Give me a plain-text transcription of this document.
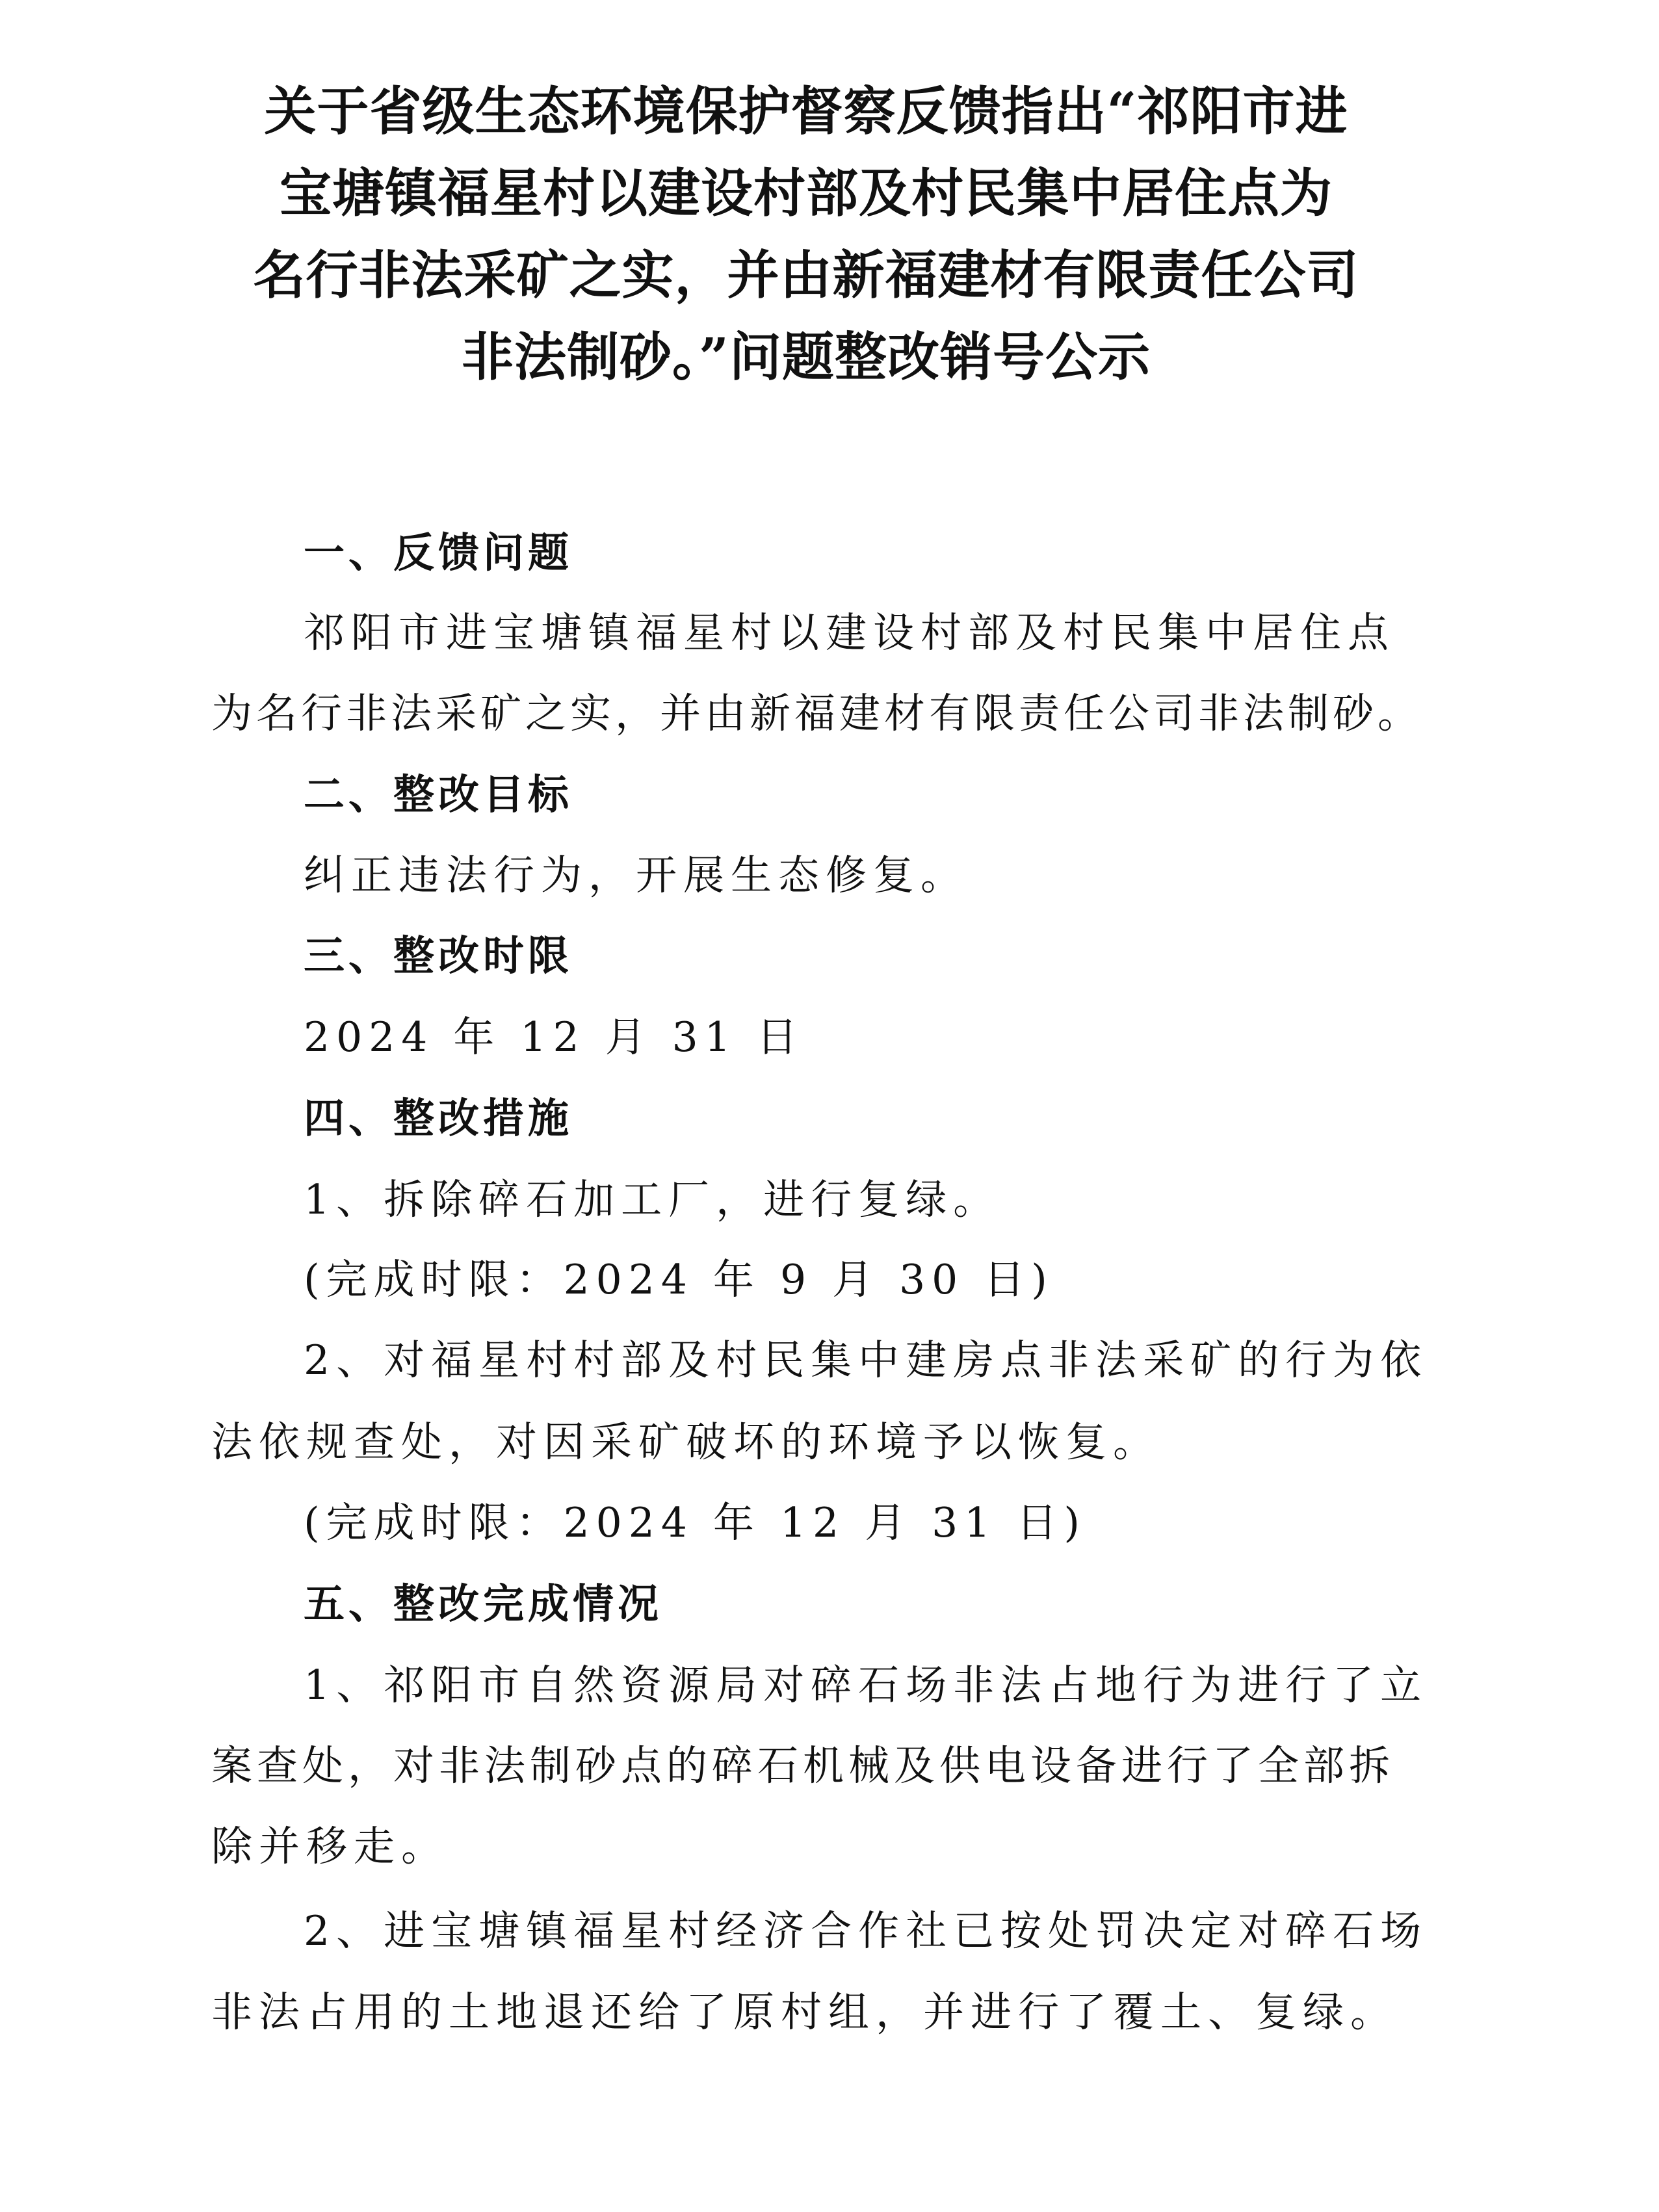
关于省级生态环境保护督察反馈指出“祁阳市进
宝塘镇福星村以建设村部及村民集中居住点为
名行非法采矿之实，并由新福建材有限责任公司
非法制砂。”问题整改销号公示
一、反馈问题
祁阳市进宝塘镇福星村以建设村部及村民集中居住点
为名行非法采矿之实，并由新福建材有限责任公司非法制砂。
二、整改目标
纠正违法行为，开展生态修复。
三、整改时限
2024 年 12 月 31 日
四、整改措施
1、拆除碎石加工厂，进行复绿。
(完成时限：2024 年 9 月 30 日)
2、对福星村村部及村民集中建房点非法采矿的行为依
法依规查处，对因采矿破坏的环境予以恢复。
(完成时限：2024 年 12 月 31 日)
五、整改完成情况
1、祁阳市自然资源局对碎石场非法占地行为进行了立
案查处，对非法制砂点的碎石机械及供电设备进行了全部拆
除并移走。
2、进宝塘镇福星村经济合作社已按处罚决定对碎石场
非法占用的土地退还给了原村组，并进行了覆土、复绿。
